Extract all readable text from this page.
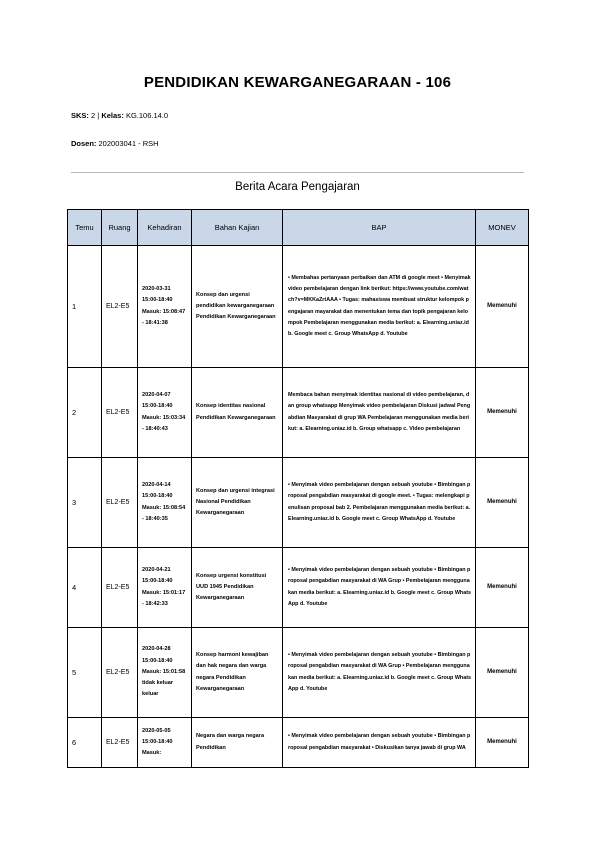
PENDIDIKAN KEWARGANEGARAAN - 106
SKS: 2 | Kelas: KG.106.14.0
Dosen: 202003041 - RSH
Berita Acara Pengajaran
Temu	Ruang	Kehadiran	Bahan Kajian	BAP	MONEV
1	EL2-E5	2020-03-31 15:00-18:40 Masuk: 15:08:47 - 18:41:38	Konsep dan urgensi pendidikan kewarganegaraan Pendidikan Kewarganegaraan	• Membahas pertanyaan perbaikan dan ATM di google meet • Menyimak video pembelajaran dengan link berikut: https://www.youtube.com/watch?v=MKKaZrtAAA • Tugas: mahasiswa membuat struktur kelompok pengajaran mayarakat dan menentukan tema dan topik pengajaran kelompok Pembelajaran menggunakan media berikut: a. Elearning.uniaz.id b. Google meet c. Group WhatsApp d. Youtube	Memenuhi
2	EL2-E5	2020-04-07 15:00-18:40 Masuk: 15:03:34 - 18:40:43	Konsep identitas nasional Pendidikan Kewarganegaraan	Membaca bahan menyimak identitas nasional di video pembelajaran, dan group whatsapp Menyimak video pembelajaran Diskusi jadwal Pengabdian Masyarakat di grup WA Pembelajaran menggunakan media berikut: a. Elearning.uniaz.id b. Group whatsapp c. Video pembelajaran	Memenuhi
3	EL2-E5	2020-04-14 15:00-18:40 Masuk: 15:08:54 - 18:40:35	Konsep dan urgensi integrasi Nasional Pendidikan Kewarganegaraan	• Menyimak video pembelajaran dengan sebuah youtube • Bimbingan proposal pengabdian masyarakat di google meet. • Tugas: melengkapi penulisan proposal bab 2. Pembelajaran menggunakan media berikut: a. Elearning.uniaz.id b. Google meet c. Group WhatsApp d. Youtube	Memenuhi
4	EL2-E5	2020-04-21 15:00-18:40 Masuk: 15:01:17 - 18:42:33	Konsep urgensi konstitusi UUD 1945 Pendidikan Kewarganegaraan	• Menyimak video pembelajaran dengan sebuah youtube • Bimbingan proposal pengabdian masyarakat di WA Grup • Pembelajaran menggunakan media berikut: a. Elearning.uniaz.id b. Google meet c. Group WhatsApp d. Youtube	Memenuhi
5	EL2-E5	2020-04-28 15:00-18:40 Masuk: 15:01:58 tidak keluar keluar	Konsep harmoni kewajiban dan hak negara dan warga negara Pendidikan Kewarganegaraan	• Menyimak video pembelajaran dengan sebuah youtube • Bimbingan proposal pengabdian masyarakat di WA Grup • Pembelajaran menggunakan media berikut: a. Elearning.uniaz.id b. Google meet c. Group WhatsApp d. Youtube	Memenuhi
6	EL2-E5	2020-05-05 15:00-18:40 Masuk:	Negara dan warga negara Pendidikan	• Menyimak video pembelajaran dengan sebuah youtube • Bimbingan proposal pengabdian masyarakat • Diskusikan tanya jawab di grup WA	Memenuhi
